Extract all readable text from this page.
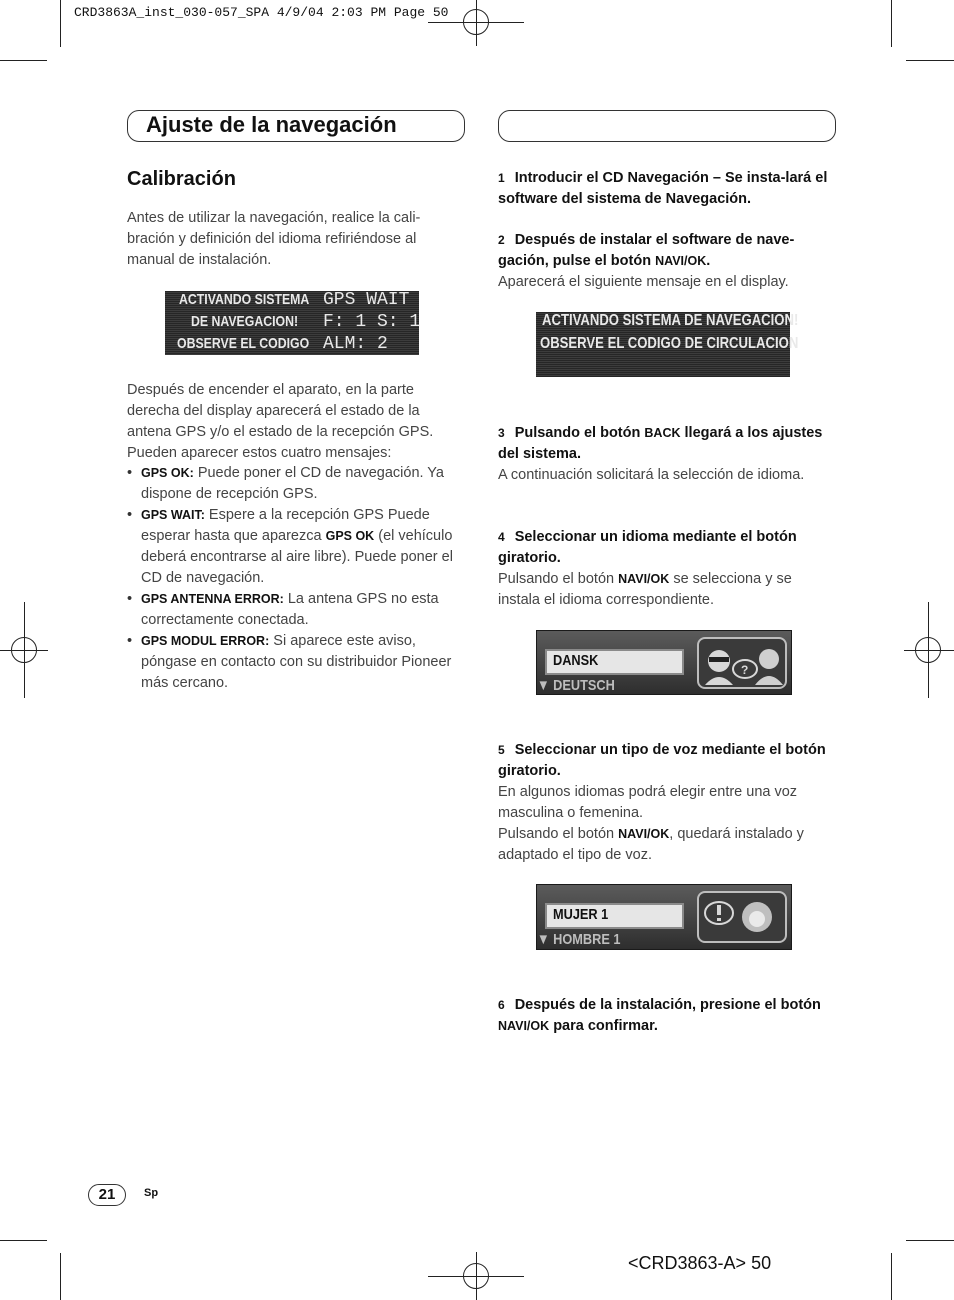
CRD3863A_inst_030-057_SPA 4/9/04 2:03 PM Page 50
Ajuste de la navegación
Calibración
Antes de utilizar la navegación, realice la cali-bración y definición del idioma refiriéndose al manual de instalación.
ACTIVANDO SISTEMA
DE NAVEGACION!
OBSERVE EL CODIGO
GPS WAIT
F: 1 S: 1
ALM: 2
Después de encender el aparato, en la parte derecha del display aparecerá el estado de la antena GPS y/o el estado de la recepción GPS. Pueden aparecer estos cuatro mensajes:
• GPS OK: Puede poner el CD de navegación. Ya dispone de recepción GPS.
• GPS WAIT: Espere a la recepción GPS Puede esperar hasta que aparezca GPS OK (el vehículo deberá encontrarse al aire libre). Puede poner el CD de navegación.
• GPS ANTENNA ERROR: La antena GPS no esta correctamente conectada.
• GPS MODUL ERROR: Si aparece este aviso, póngase en contacto con su distribuidor Pioneer más cercano.
1 Introducir el CD Navegación – Se insta-lará el software del sistema de Navegación.
2 Después de instalar el software de nave-gación, pulse el botón NAVI/OK.
Aparecerá el siguiente mensaje en el display.
ACTIVANDO SISTEMA DE NAVEGACION!
OBSERVE EL CODIGO DE CIRCULACION
3 Pulsando el botón BACK llegará a los ajustes del sistema.
A continuación solicitará la selección de idioma.
4 Seleccionar un idioma mediante el botón giratorio.
Pulsando el botón NAVI/OK se selecciona y se instala el idioma correspondiente.
DANSK
▼ DEUTSCH
?
5 Seleccionar un tipo de voz mediante el botón giratorio.
En algunos idiomas podrá elegir entre una voz masculina o femenina.
Pulsando el botón NAVI/OK, quedará instalado y adaptado el tipo de voz.
MUJER 1
▼ HOMBRE 1
6 Después de la instalación, presione el botón NAVI/OK para confirmar.
21	Sp
<CRD3863-A> 50
